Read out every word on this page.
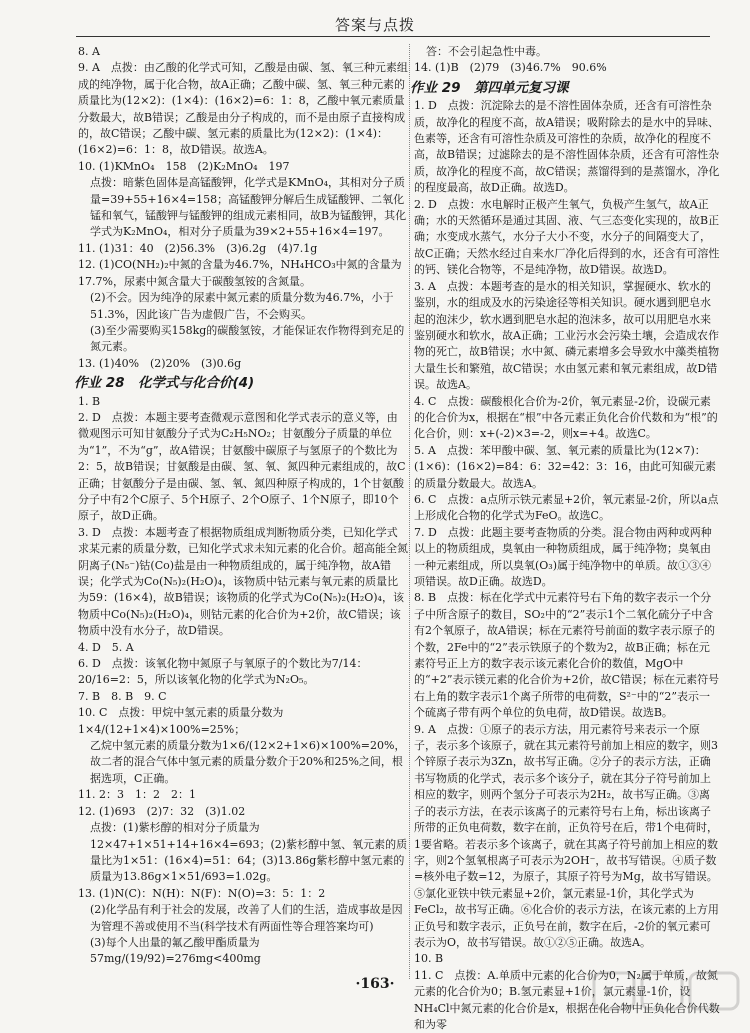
答案与点拨

8. A

9. A　点拨：由乙酸的化学式可知，乙酸是由碳、氢、氧三种元素组成的纯净物，属于化合物，故A正确；乙酸中碳、氢、氧三种元素的质量比为(12×2)：(1×4)：(16×2)=6：1：8，乙酸中氧元素质量分数最大，故B错误；乙酸是由分子构成的，而不是由原子直接构成的，故C错误；乙酸中碳、氢元素的质量比为(12×2)：(1×4)：(16×2)=6：1：8，故D错误。故选A。

10. (1)KMnO₄　158　(2)K₂MnO₄　197

点拨：暗紫色固体是高锰酸钾，化学式是KMnO₄，其相对分子质量=39+55+16×4=158；高锰酸钾分解后生成锰酸钾、二氧化锰和氧气，锰酸钾与锰酸钾的组成元素相同，故B为锰酸钾，其化学式为K₂MnO₄，相对分子质量为39×2+55+16×4=197。

11. (1)31：40　(2)56.3%　(3)6.2g　(4)7.1g

12. (1)CO(NH₂)₂中氮的含量为46.7%，NH₄HCO₃中氮的含量为17.7%，尿素中氮含量大于碳酸氢铵的含氮量。

(2)不会。因为纯净的尿素中氮元素的质量分数为46.7%，小于51.3%，因此该广告为虚假广告，不会购买。

(3)至少需要购买158kg的碳酸氢铵，才能保证农作物得到充足的氮元素。

13. (1)40%　(2)20%　(3)0.6g

作业 28　化学式与化合价(4)

1. B

2. D　点拨：本题主要考查微观示意图和化学式表示的意义等，由微观图示可知甘氨酸分子式为C₂H₅NO₂；甘氨酸分子质量的单位为“1”，不为“g”，故A错误；甘氨酸中碳原子与氢原子的个数比为2：5，故B错误；甘氨酸是由碳、氢、氧、氮四种元素组成的，故C正确；甘氨酸分子是由碳、氢、氧、氮四种原子构成的，1个甘氨酸分子中有2个C原子、5个H原子、2个O原子、1个N原子，即10个原子，故D正确。

3. D　点拨：本题考查了根据物质组成判断物质分类，已知化学式求某元素的质量分数，已知化学式求未知元素的化合价。超高能全氮阴离子(N₅⁻)钴(Co)盐是由一种物质组成的，属于纯净物，故A错误；化学式为Co(N₅)₂(H₂O)₄，该物质中钴元素与氧元素的质量比为59：(16×4)，故B错误；该物质的化学式为Co(N₅)₂(H₂O)₄，该物质中Co(N₅)₂(H₂O)₄，则钴元素的化合价为+2价，故C错误；该物质中没有水分子，故D错误。

4. D　5. A

6. D　点拨：该氧化物中氮原子与氧原子的个数比为7/14：20/16=2：5，所以该氧化物的化学式为N₂O₅。

7. B　8. B　9. C

10. C　点拨：甲烷中氢元素的质量分数为1×4/(12+1×4)×100%=25%；

乙烷中氢元素的质量分数为1×6/(12×2+1×6)×100%=20%，故二者的混合气体中氢元素的质量分数介于20%和25%之间，根据选项，C正确。

11. 2：3　1：2　2：1

12. (1)693　(2)7：32　(3)1.02

点拨：(1)紫杉醇的相对分子质量为12×47+1×51+14+16×4=693；(2)紫杉醇中氢、氧元素的质量比为1×51：(16×4)=51：64；(3)13.86g紫杉醇中氢元素的质量为13.86g×1×51/693=1.02g。

13. (1)N(C)：N(H)：N(F)：N(O)=3：5：1：2

(2)化学品有利于社会的发展，改善了人们的生活，造成事故是因为管理不善或使用不当(科学技术有两面性等合理答案均可)

(3)每个人出量的氟乙酸甲酯质量为

57mg/(19/92)=276mg<400mg

答：不会引起急性中毒。

14. (1)B　(2)79　(3)46.7%　90.6%

作业 29　第四单元复习课

1. D　点拨：沉淀除去的是不溶性固体杂质，还含有可溶性杂质，故净化的程度不高，故A错误；吸附除去的是水中的异味、色素等，还含有可溶性杂质及可溶性的杂质，故净化的程度不高，故B错误；过滤除去的是不溶性固体杂质，还含有可溶性杂质，故净化的程度不高，故C错误；蒸馏得到的是蒸馏水，净化的程度最高，故D正确。故选D。

2. D　点拨：水电解时正极产生氧气，负极产生氢气，故A正确；水的天然循环是通过其固、液、气三态变化实现的，故B正确；水变成水蒸气，水分子大小不变，水分子的间隔变大了，故C正确；天然水经过自来水厂净化后得到的水，还含有可溶性的钙、镁化合物等，不是纯净物，故D错误。故选D。

3. A　点拨：本题考查的是水的相关知识，掌握硬水、软水的鉴别，水的组成及水的污染途径等相关知识。硬水遇到肥皂水起的泡沫少，软水遇到肥皂水起的泡沫多，故可以用肥皂水来鉴别硬水和软水，故A正确；工业污水会污染土壤，会造成农作物的死亡，故B错误；水中氮、磷元素增多会导致水中藻类植物大量生长和繁殖，故C错误；水由氢元素和氧元素组成，故D错误。故选A。

4. C　点拨：碳酸根化合价为-2价，氧元素显-2价，设碳元素的化合价为x，根据在“根”中各元素正负化合价代数和为“根”的化合价，则：x+(-2)×3=-2，则x=+4。故选C。

5. A　点拨：苯甲酸中碳、氢、氧元素的质量比为(12×7)：(1×6)：(16×2)=84：6：32=42：3：16，由此可知碳元素的质量分数最大。故选A。

6. C　点拨：a点所示铁元素显+2价，氧元素显-2价，所以a点上形成化合物的化学式为FeO。故选C。

7. D　点拨：此题主要考查物质的分类。混合物由两种或两种以上的物质组成，臭氧由一种物质组成，属于纯净物；臭氧由一种元素组成，所以臭氧(O₃)属于纯净物中的单质。故①③④项错误。故D正确。故选D。

8. B　点拨：标在化学式中元素符号右下角的数字表示一个分子中所含原子的数目，SO₂中的“2”表示1个二氧化硫分子中含有2个氧原子，故A错误；标在元素符号前面的数字表示原子的个数，2Fe中的“2”表示铁原子的个数为2，故B正确；标在元素符号正上方的数字表示该元素化合价的数值，MgO中的“+2”表示镁元素的化合价为+2价，故C错误；标在元素符号右上角的数字表示1个离子所带的电荷数，S²⁻中的“2”表示一个硫离子带有两个单位的负电荷，故D错误。故选B。

9. A　点拨：①原子的表示方法，用元素符号来表示一个原子，表示多个该原子，就在其元素符号前加上相应的数字，则3个锌原子表示为3Zn，故书写正确。②分子的表示方法，正确书写物质的化学式，表示多个该分子，就在其分子符号前加上相应的数字，则两个氢分子可表示为2H₂，故书写正确。③离子的表示方法，在表示该离子的元素符号右上角，标出该离子所带的正负电荷数，数字在前，正负符号在后，带1个电荷时，1要省略。若表示多个该离子，就在其离子符号前加上相应的数字，则2个氢氧根离子可表示为2OH⁻，故书写错误。④质子数=核外电子数=12，为原子，其原子符号为Mg，故书写错误。⑤氯化亚铁中铁元素显+2价，氯元素显-1价，其化学式为FeCl₂，故书写正确。⑥化合价的表示方法，在该元素的上方用正负号和数字表示，正负号在前，数字在后，-2价的氧元素可表示为O，故书写错误。故①②⑤正确。故选A。

10. B

11. C　点拨：A.单质中元素的化合价为0，N₂属于单质，故氮元素的化合价为0；B.氢元素显+1价，氯元素显-1价，设NH₄Cl中氮元素的化合价是x，根据在化合物中正负化合价代数和为零

·163·
